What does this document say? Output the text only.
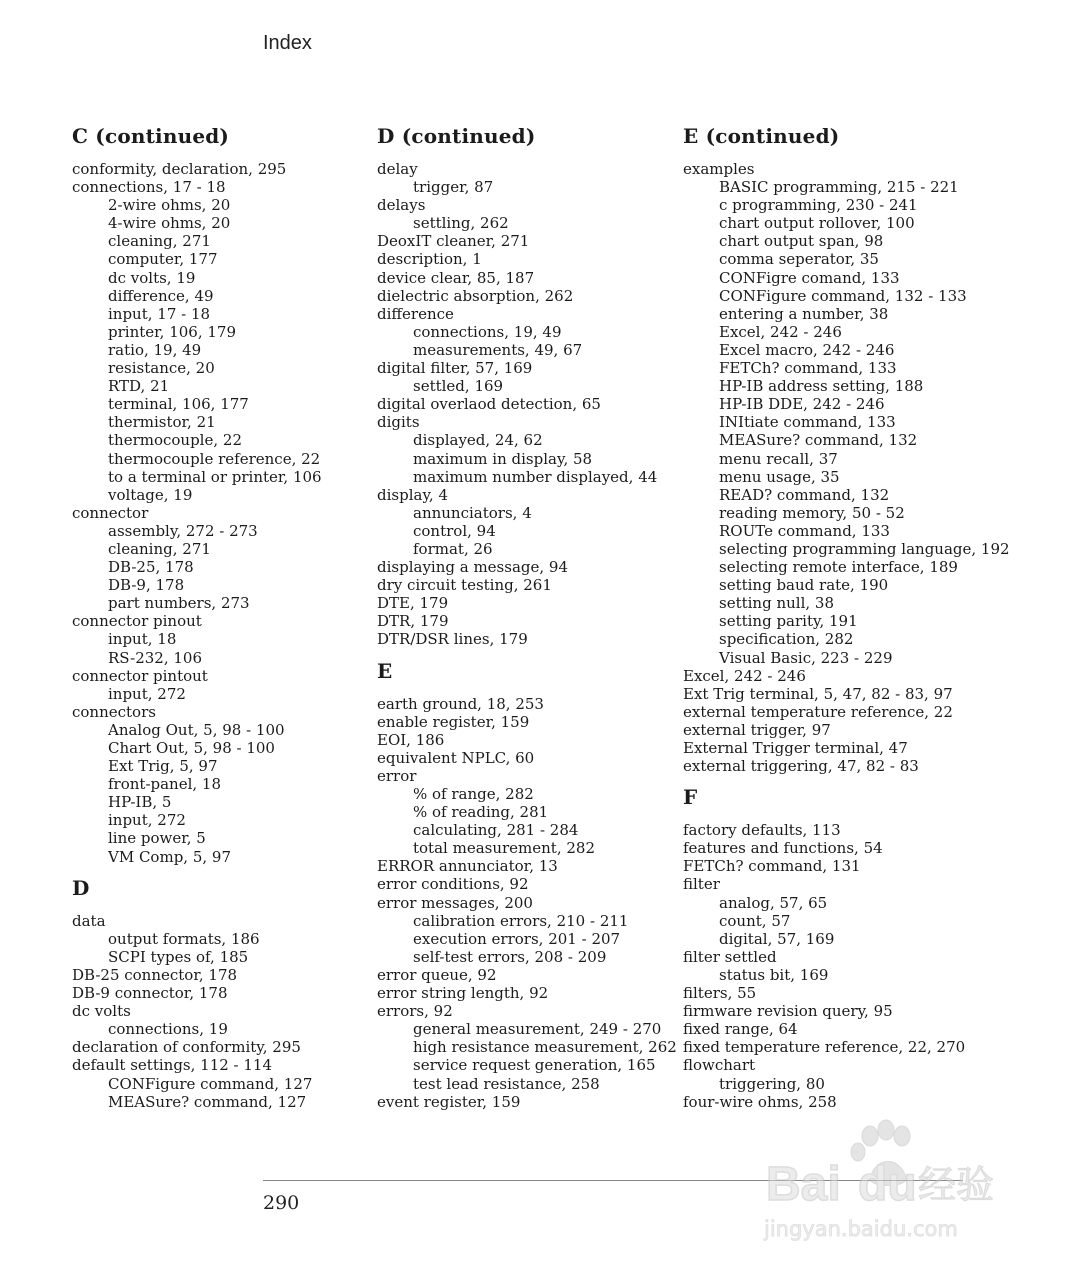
Index
C (continued)
conformity, declaration, 295
connections, 17 - 18
2-wire ohms, 20
4-wire ohms, 20
cleaning, 271
computer, 177
dc volts, 19
difference, 49
input, 17 - 18
printer, 106, 179
ratio, 19, 49
resistance, 20
RTD, 21
terminal, 106, 177
thermistor, 21
thermocouple, 22
thermocouple reference, 22
to a terminal or printer, 106
voltage, 19
connector
assembly, 272 - 273
cleaning, 271
DB-25, 178
DB-9, 178
part numbers, 273
connector pinout
input, 18
RS-232, 106
connector pintout
input, 272
connectors
Analog Out, 5, 98 - 100
Chart Out, 5, 98 - 100
Ext Trig, 5, 97
front-panel, 18
HP-IB, 5
input, 272
line power, 5
VM Comp, 5, 97
D
data
output formats, 186
SCPI types of, 185
DB-25 connector, 178
DB-9 connector, 178
dc volts
connections, 19
declaration of conformity, 295
default settings, 112 - 114
CONFigure command, 127
MEASure? command, 127
D (continued)
delay
trigger, 87
delays
settling, 262
DeoxIT cleaner, 271
description, 1
device clear, 85, 187
dielectric absorption, 262
difference
connections, 19, 49
measurements, 49, 67
digital filter, 57, 169
settled, 169
digital overlaod detection, 65
digits
displayed, 24, 62
maximum in display, 58
maximum number displayed, 44
display, 4
annunciators, 4
control, 94
format, 26
displaying a message, 94
dry circuit testing, 261
DTE, 179
DTR, 179
DTR/DSR lines, 179
E
earth ground, 18, 253
enable register, 159
EOI, 186
equivalent NPLC, 60
error
% of range, 282
% of reading, 281
calculating, 281 - 284
total measurement, 282
ERROR annunciator, 13
error conditions, 92
error messages, 200
calibration errors, 210 - 211
execution errors, 201 - 207
self-test errors, 208 - 209
error queue, 92
error string length, 92
errors, 92
general measurement, 249 - 270
high resistance measurement, 262
service request generation, 165
test lead resistance, 258
event register, 159
E (continued)
examples
BASIC programming, 215 - 221
c programming, 230 - 241
chart output rollover, 100
chart output span, 98
comma seperator, 35
CONFigre comand, 133
CONFigure command, 132 - 133
entering a number, 38
Excel, 242 - 246
Excel macro, 242 - 246
FETCh? command, 133
HP-IB address setting, 188
HP-IB DDE, 242 - 246
INItiate command, 133
MEASure? command, 132
menu recall, 37
menu usage, 35
READ? command, 132
reading memory, 50 - 52
ROUTe command, 133
selecting programming language, 192
selecting remote interface, 189
setting baud rate, 190
setting null, 38
setting parity, 191
specification, 282
Visual Basic, 223 - 229
Excel, 242 - 246
Ext Trig terminal, 5, 47, 82 - 83, 97
external temperature reference, 22
external trigger, 97
External Trigger terminal, 47
external triggering, 47, 82 - 83
F
factory defaults, 113
features and functions, 54
FETCh? command, 131
filter
analog, 57, 65
count, 57
digital, 57, 169
filter settled
status bit, 169
filters, 55
firmware revision query, 95
fixed range, 64
fixed temperature reference, 22, 270
flowchart
triggering, 80
four-wire ohms, 258
290	Bai du 经验
jingyan.baidu.com
